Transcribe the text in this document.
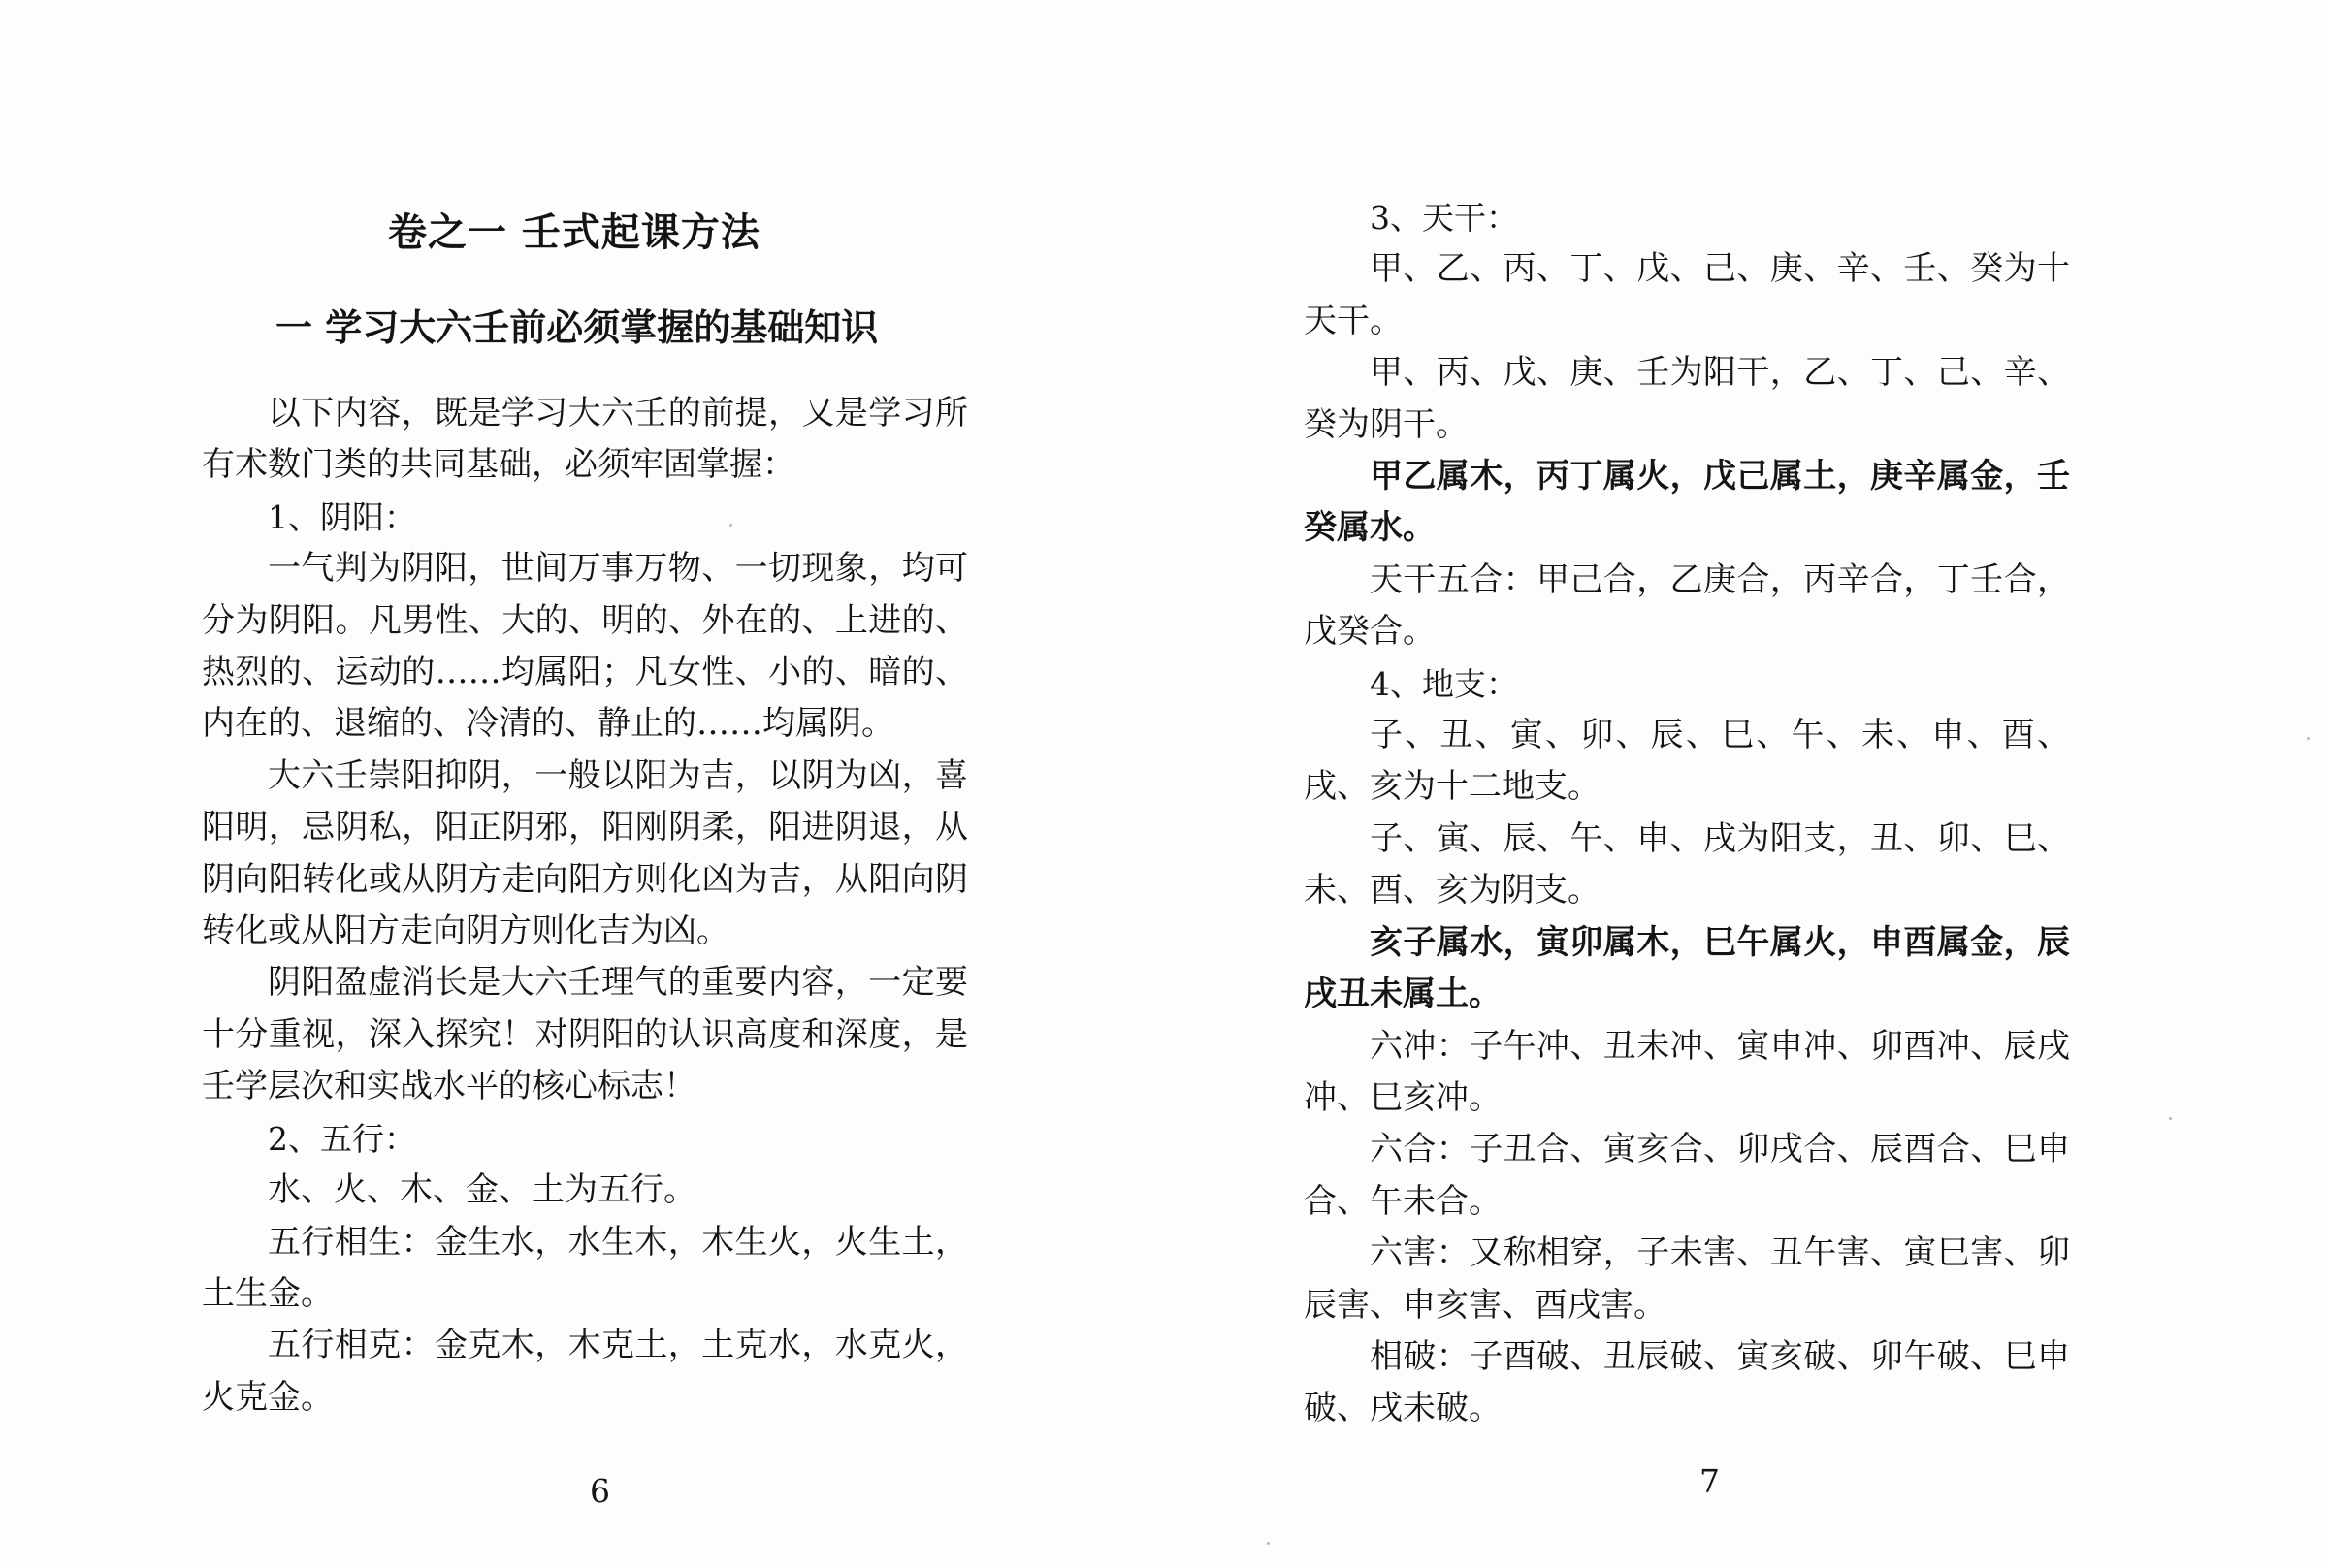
卷之一 壬式起课方法
一 学习大六壬前必须掌握的基础知识

以下内容，既是学习大六壬的前提，又是学习所有术数门类的共同基础，必须牢固掌握：

1、阴阳：

一气判为阴阳，世间万事万物、一切现象，均可分为阴阳。凡男性、大的、明的、外在的、上进的、热烈的、运动的……均属阳；凡女性、小的、暗的、内在的、退缩的、冷清的、静止的……均属阴。

大六壬崇阳抑阴，一般以阳为吉，以阴为凶，喜阳明，忌阴私，阳正阴邪，阳刚阴柔，阳进阴退，从阴向阳转化或从阴方走向阳方则化凶为吉，从阳向阴转化或从阳方走向阴方则化吉为凶。

阴阳盈虚消长是大六壬理气的重要内容，一定要十分重视，深入探究！对阴阳的认识高度和深度，是壬学层次和实战水平的核心标志！

2、五行：

水、火、木、金、土为五行。

五行相生：金生水，水生木，木生火，火生土，土生金。

五行相克：金克木，木克土，土克水，水克火，火克金。

6

3、天干：

甲、乙、丙、丁、戊、己、庚、辛、壬、癸为十天干。

甲、丙、戊、庚、壬为阳干，乙、丁、己、辛、癸为阴干。

甲乙属木，丙丁属火，戊己属土，庚辛属金，壬癸属水。

天干五合：甲己合，乙庚合，丙辛合，丁壬合，戊癸合。

4、地支：

子、丑、寅、卯、辰、巳、午、未、申、酉、戌、亥为十二地支。

子、寅、辰、午、申、戌为阳支，丑、卯、巳、未、酉、亥为阴支。

亥子属水，寅卯属木，巳午属火，申酉属金，辰戌丑未属土。

六冲：子午冲、丑未冲、寅申冲、卯酉冲、辰戌冲、巳亥冲。

六合：子丑合、寅亥合、卯戌合、辰酉合、巳申合、午未合。

六害：又称相穿，子未害、丑午害、寅巳害、卯辰害、申亥害、酉戌害。

相破：子酉破、丑辰破、寅亥破、卯午破、巳申破、戌未破。

7
